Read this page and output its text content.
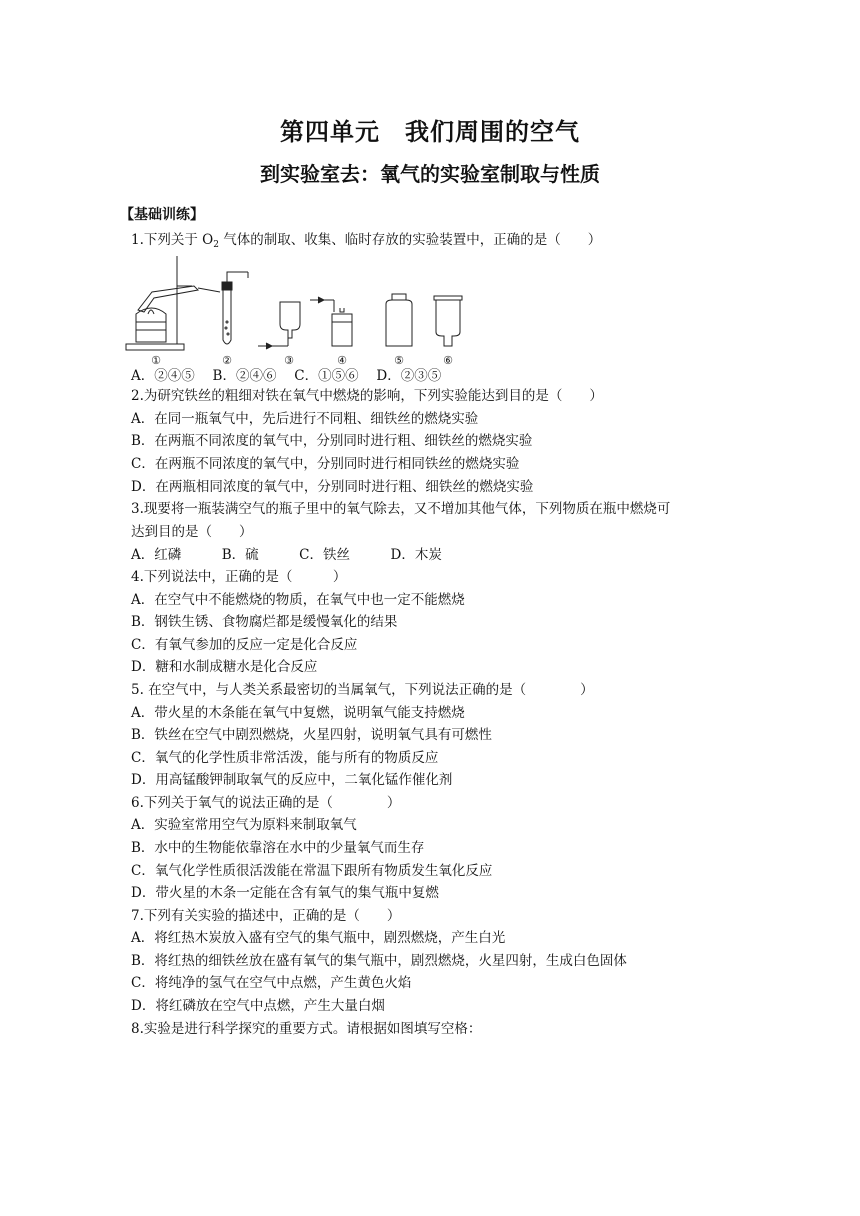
第四单元　我们周围的空气
到实验室去：氧气的实验室制取与性质
【基础训练】
1.下列关于 $O_2$ 气体的制取、收集、临时存放的实验装置中，正确的是（　　）
①	②	③	④	⑤	⑥
A．②④⑤　 B．②④⑥　 C．①⑤⑥　 D．②③⑤
2.为研究铁丝的粗细对铁在氧气中燃烧的影响，下列实验能达到目的是（　　）
A．在同一瓶氧气中，先后进行不同粗、细铁丝的燃烧实验
B．在两瓶不同浓度的氧气中，分别同时进行粗、细铁丝的燃烧实验
C．在两瓶不同浓度的氧气中，分别同时进行相同铁丝的燃烧实验
D．在两瓶相同浓度的氧气中，分别同时进行粗、细铁丝的燃烧实验
3.现要将一瓶装满空气的瓶子里中的氧气除去，又不增加其他气体，下列物质在瓶中燃烧可
达到目的是（　　）
A．红磷　　　B．硫　　　C．铁丝　　　D．木炭
4.下列说法中，正确的是（　　　）
A．在空气中不能燃烧的物质，在氧气中也一定不能燃烧
B．钢铁生锈、食物腐烂都是缓慢氧化的结果
C．有氧气参加的反应一定是化合反应
D．糖和水制成糖水是化合反应
5. 在空气中，与人类关系最密切的当属氧气，下列说法正确的是（　　　　）
A．带火星的木条能在氧气中复燃，说明氧气能支持燃烧
B．铁丝在空气中剧烈燃烧，火星四射，说明氧气具有可燃性
C．氧气的化学性质非常活泼，能与所有的物质反应
D．用高锰酸钾制取氧气的反应中，二氧化锰作催化剂
6.下列关于氧气的说法正确的是（　　　　）
A．实验室常用空气为原料来制取氧气
B．水中的生物能依靠溶在水中的少量氧气而生存
C．氧气化学性质很活泼能在常温下跟所有物质发生氧化反应
D．带火星的木条一定能在含有氧气的集气瓶中复燃
7.下列有关实验的描述中，正确的是（　　）
A．将红热木炭放入盛有空气的集气瓶中，剧烈燃烧，产生白光
B．将红热的细铁丝放在盛有氧气的集气瓶中，剧烈燃烧，火星四射，生成白色固体
C．将纯净的氢气在空气中点燃，产生黄色火焰
D．将红磷放在空气中点燃，产生大量白烟
8.实验是进行科学探究的重要方式。请根据如图填写空格：
